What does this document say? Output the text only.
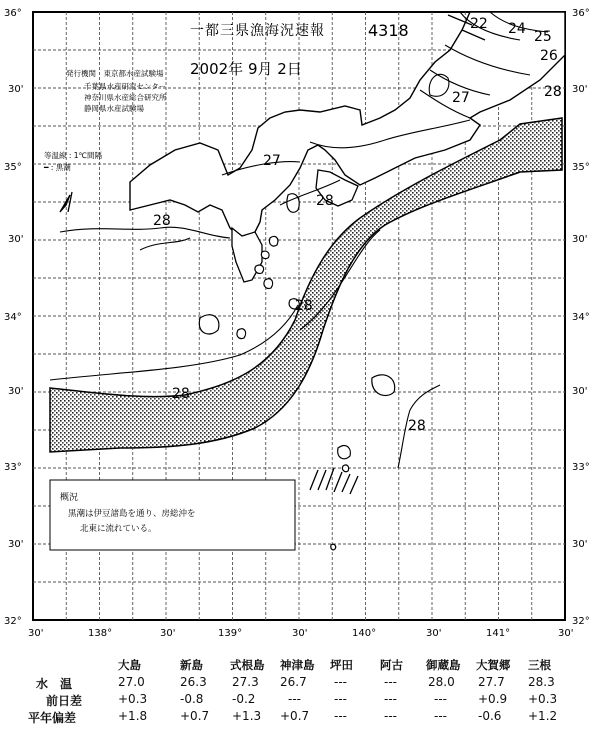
一都三県漁海況速報	4318
2002年 9月 2日
発行機関　東京都水産試験場
千葉県水産研究センター
神奈川県水産総合研究所
静岡県水産試験場
等温線 : 1℃間隔
━ : 黒潮
概況
黒潮は伊豆諸島を通り、房総沖を
北東に流れている。
22 24 25
26
27	28
27
28
28
28
28
28
36°
30'
35°
30'
34°
30'
33°
30'
32°
36°
30'
35°
30'
34°
30'
33°
30'
32°
30'	138°	30'	139°	30'	140°	30'	141°	30'
大島	新島 式根島 神津島 坪田 阿古 御蔵島 大賀郷 三根
水　温	27.0	26.3 27.3 26.7 ---	---	28.0 27.7 28.3
前日差	+0.3	-0.8 -0.2	---	---	---	---	+0.9 +0.3
平年偏差	+1.8	+0.7 +1.3 +0.7 ---	---	---	-0.6 +1.2
